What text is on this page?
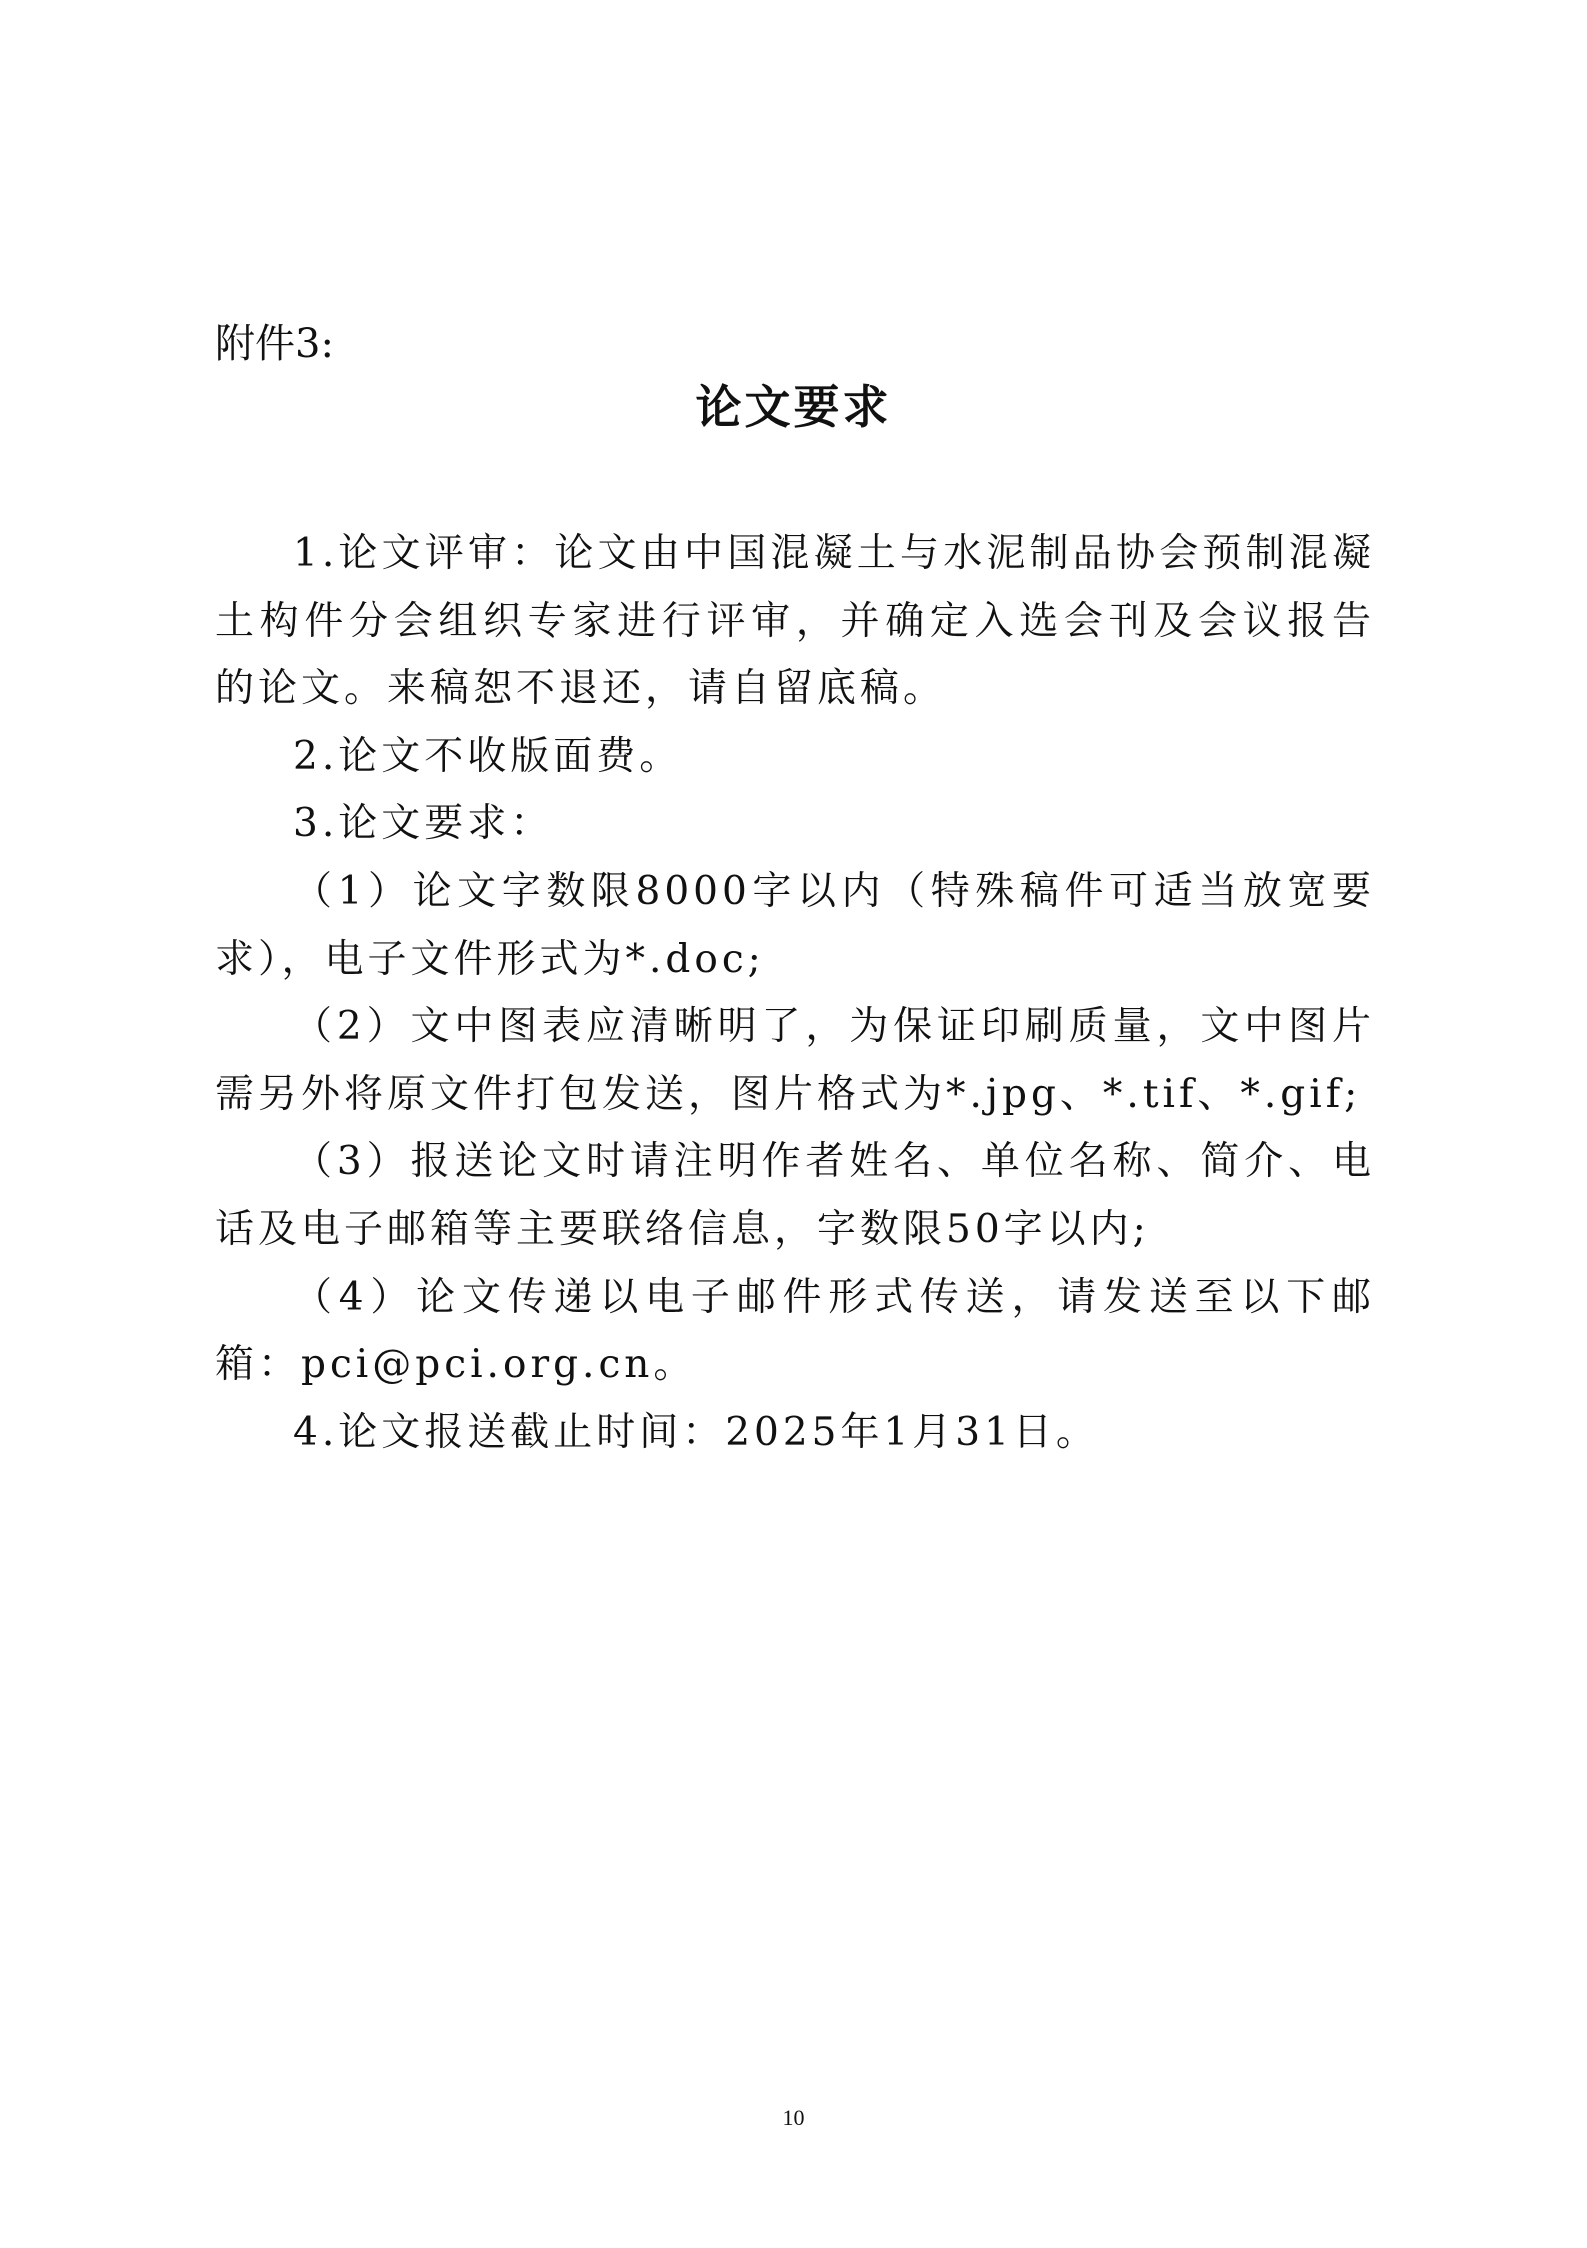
附件3:
论文要求

1.论文评审：论文由中国混凝土与水泥制品协会预制混凝土构件分会组织专家进行评审，并确定入选会刊及会议报告的论文。来稿恕不退还，请自留底稿。

2.论文不收版面费。

3.论文要求：

（1）论文字数限8000字以内（特殊稿件可适当放宽要求），电子文件形式为*.doc;

（2）文中图表应清晰明了，为保证印刷质量，文中图片需另外将原文件打包发送，图片格式为*.jpg、*.tif、*.gif;

（3）报送论文时请注明作者姓名、单位名称、简介、电话及电子邮箱等主要联络信息，字数限50字以内;

（4）论文传递以电子邮件形式传送，请发送至以下邮箱：pci@pci.org.cn。

4.论文报送截止时间：2025年1月31日。

10
